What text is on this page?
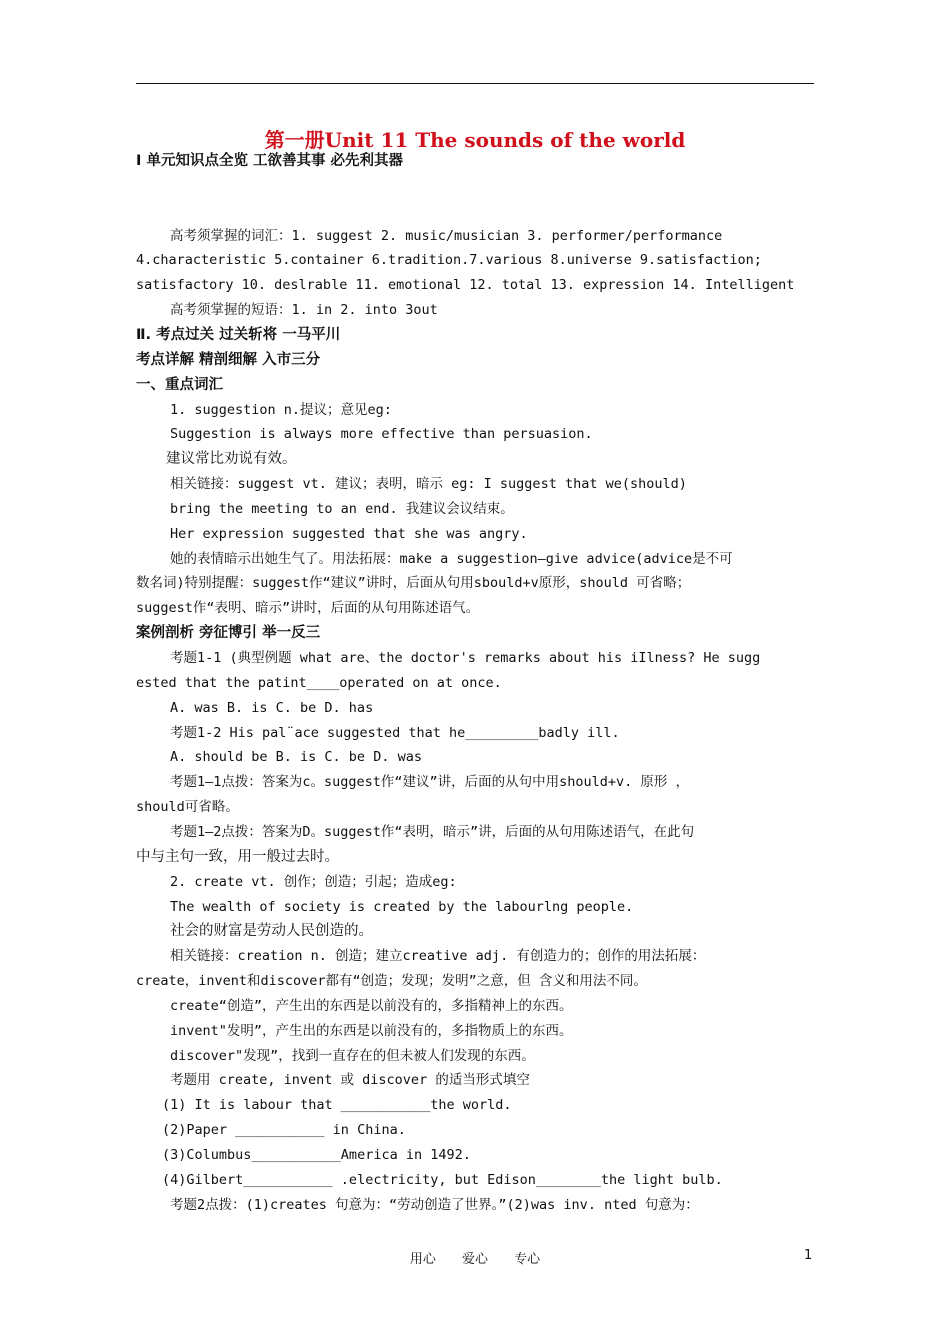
第一册Unit 11 The sounds of the world
Ⅰ 单元知识点全览 工欲善其事 必先利其器
高考须掌握的词汇：1. suggest 2. music/musician 3. performer/performance
4.characteristic 5.container 6.tradition.7.various 8.universe 9.satisfaction;
satisfactory 10. deslrable 11. emotional 12. total 13. expression 14. Intelligent
高考须掌握的短语：1. in 2. into 3out
Ⅱ. 考点过关 过关斩将 一马平川
考点详解 精剖细解 入市三分
一、重点词汇
1. suggestion n.提议；意见eg:
Suggestion is always more effective than persuasion.
建议常比劝说有效。
相关链接：suggest vt. 建议；表明，暗示 eg: I suggest that we(should)
bring the meeting to an end. 我建议会议结束。
Her expression suggested that she was angry.
她的表情暗示出她生气了。用法拓展：make a suggestion—give advice(advice是不可
数名词)特别提醒：suggest作“建议”讲时，后面从句用sbould+v原形，should 可省略；
suggest作“表明、暗示”讲时，后面的从句用陈述语气。
案例剖析 旁征博引 举一反三
考题1-1 (典型例题 what are、the doctor's remarks about his iIlness? He sugg
ested that the patint____operated on at once.
A. was B. is C. be D. has
考题1-2 His pal¨ace suggested that he_________badly ill.
A. should be B. is C. be D. was
考题1—1点拨：答案为c。suggest作“建议”讲，后面的从句中用should+v. 原形 ，
should可省略。
考题1—2点拨：答案为D。suggest作“表明，暗示”讲，后面的从句用陈述语气，在此句
中与主句一致，用一般过去时。
2. create vt. 创作；创造；引起；造成eg:
The wealth of society is created by the labourlng people.
社会的财富是劳动人民创造的。
相关链接：creation n. 创造；建立creative adj. 有创造力的；创作的用法拓展：
create，invent和discover都有“创造；发现；发明”之意，但 含义和用法不同。
create“创造”，产生出的东西是以前没有的，多指精神上的东西。
invent"发明”，产生出的东西是以前没有的，多指物质上的东西。
discover"发现”，找到一直存在的但未被人们发现的东西。
考题用 create, invent 或 discover 的适当形式填空
(1) It is labour that ___________the world.
(2)Paper ___________ in China.
(3)Columbus___________America in 1492.
(4)Gilbert___________ .electricity, but Edison________the light bulb.
考题2点拨：(1)creates 句意为：“劳动创造了世界。”(2)was inv. nted 句意为：
用心 爱心 专心	1
